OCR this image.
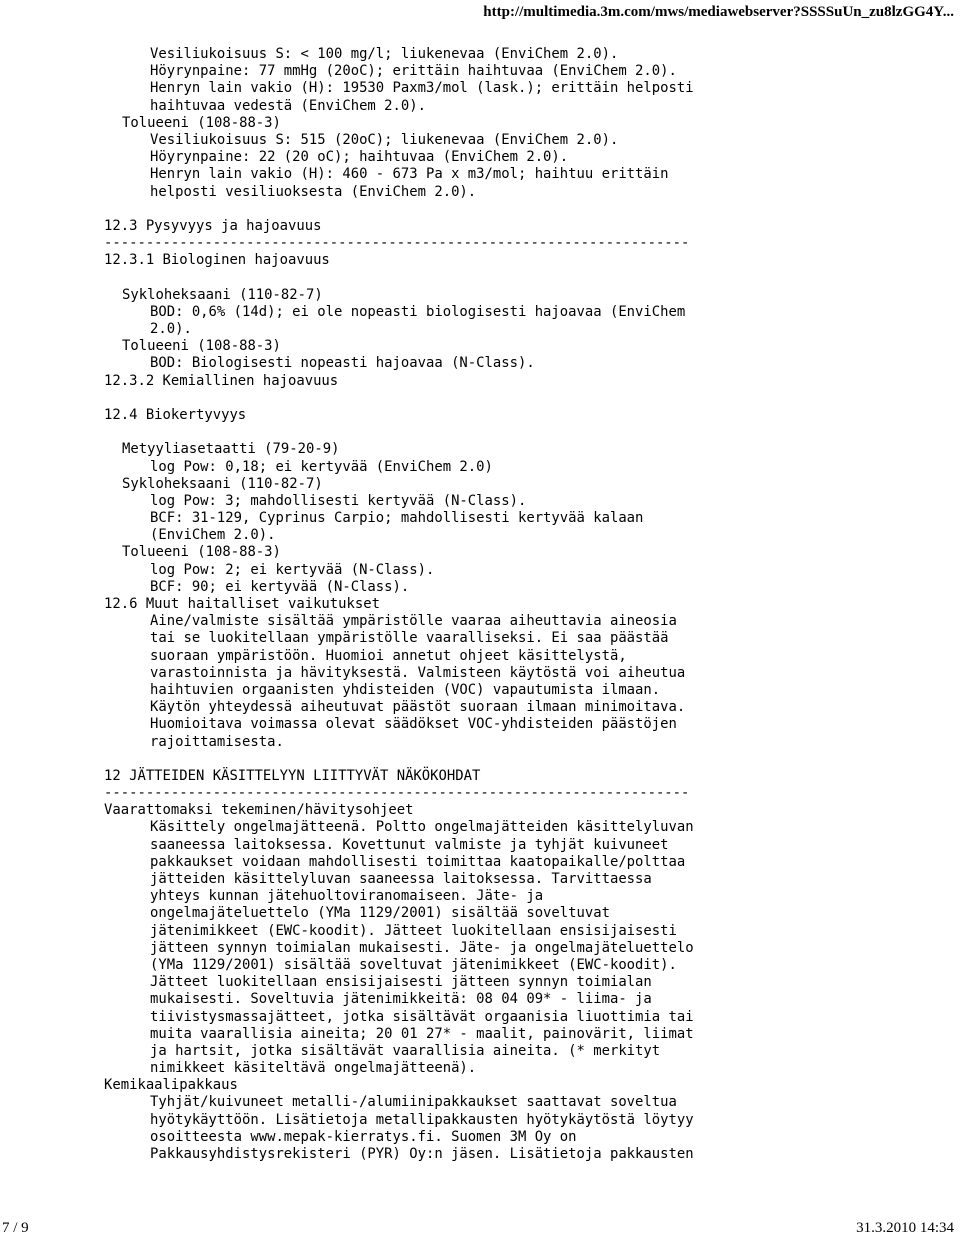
http://multimedia.3m.com/mws/mediawebserver?SSSSuUn_zu8lzGG4Y...
Vesiliukoisuus S: < 100 mg/l; liukenevaa (EnviChem 2.0).
Höyrynpaine: 77 mmHg (20oC); erittäin haihtuvaa (EnviChem 2.0).
Henryn lain vakio (H): 19530 Paxm3/mol (lask.); erittäin helposti
haihtuvaa vedestä (EnviChem 2.0).
Tolueeni (108-88-3)
Vesiliukoisuus S: 515 (20oC); liukenevaa (EnviChem 2.0).
Höyrynpaine: 22 (20 oC); haihtuvaa (EnviChem 2.0).
Henryn lain vakio (H): 460 - 673 Pa x m3/mol; haihtuu erittäin
helposti vesiliuoksesta (EnviChem 2.0).
12.3 Pysyvyys ja hajoavuus
----------------------------------------------------------------------
12.3.1 Biologinen hajoavuus
Sykloheksaani (110-82-7)
BOD: 0,6% (14d); ei ole nopeasti biologisesti hajoavaa (EnviChem
2.0).
Tolueeni (108-88-3)
BOD: Biologisesti nopeasti hajoavaa (N-Class).
12.3.2 Kemiallinen hajoavuus
12.4 Biokertyvyys
Metyyliasetaatti (79-20-9)
log Pow: 0,18; ei kertyvää (EnviChem 2.0)
Sykloheksaani (110-82-7)
log Pow: 3; mahdollisesti kertyvää (N-Class).
BCF: 31-129, Cyprinus Carpio; mahdollisesti kertyvää kalaan
(EnviChem 2.0).
Tolueeni (108-88-3)
log Pow: 2; ei kertyvää (N-Class).
BCF: 90; ei kertyvää (N-Class).
12.6 Muut haitalliset vaikutukset
Aine/valmiste sisältää ympäristölle vaaraa aiheuttavia aineosia
tai se luokitellaan ympäristölle vaaralliseksi. Ei saa päästää
suoraan ympäristöön. Huomioi annetut ohjeet käsittelystä,
varastoinnista ja hävityksestä. Valmisteen käytöstä voi aiheutua
haihtuvien orgaanisten yhdisteiden (VOC) vapautumista ilmaan.
Käytön yhteydessä aiheutuvat päästöt suoraan ilmaan minimoitava.
Huomioitava voimassa olevat säädökset VOC-yhdisteiden päästöjen
rajoittamisesta.
12 JÄTTEIDEN KÄSITTELYYN LIITTYVÄT NÄKÖKOHDAT
----------------------------------------------------------------------
Vaarattomaksi tekeminen/hävitysohjeet
Käsittely ongelmajätteenä. Poltto ongelmajätteiden käsittelyluvan
saaneessa laitoksessa. Kovettunut valmiste ja tyhjät kuivuneet
pakkaukset voidaan mahdollisesti toimittaa kaatopaikalle/polttaa
jätteiden käsittelyluvan saaneessa laitoksessa. Tarvittaessa
yhteys kunnan jätehuoltoviranomaiseen. Jäte- ja
ongelmajäteluettelo (YMa 1129/2001) sisältää soveltuvat
jätenimikkeet (EWC-koodit). Jätteet luokitellaan ensisijaisesti
jätteen synnyn toimialan mukaisesti. Jäte- ja ongelmajäteluettelo
(YMa 1129/2001) sisältää soveltuvat jätenimikkeet (EWC-koodit).
Jätteet luokitellaan ensisijaisesti jätteen synnyn toimialan
mukaisesti. Soveltuvia jätenimikkeitä: 08 04 09* - liima- ja
tiivistysmassajätteet, jotka sisältävät orgaanisia liuottimia tai
muita vaarallisia aineita; 20 01 27* - maalit, painovärit, liimat
ja hartsit, jotka sisältävät vaarallisia aineita. (* merkityt
nimikkeet käsiteltävä ongelmajätteenä).
Kemikaalipakkaus
Tyhjät/kuivuneet metalli-/alumiinipakkaukset saattavat soveltua
hyötykäyttöön. Lisätietoja metallipakkausten hyötykäytöstä löytyy
osoitteesta www.mepak-kierratys.fi. Suomen 3M Oy on
Pakkausyhdistysrekisteri (PYR) Oy:n jäsen. Lisätietoja pakkausten
7 / 9	31.3.2010 14:34
